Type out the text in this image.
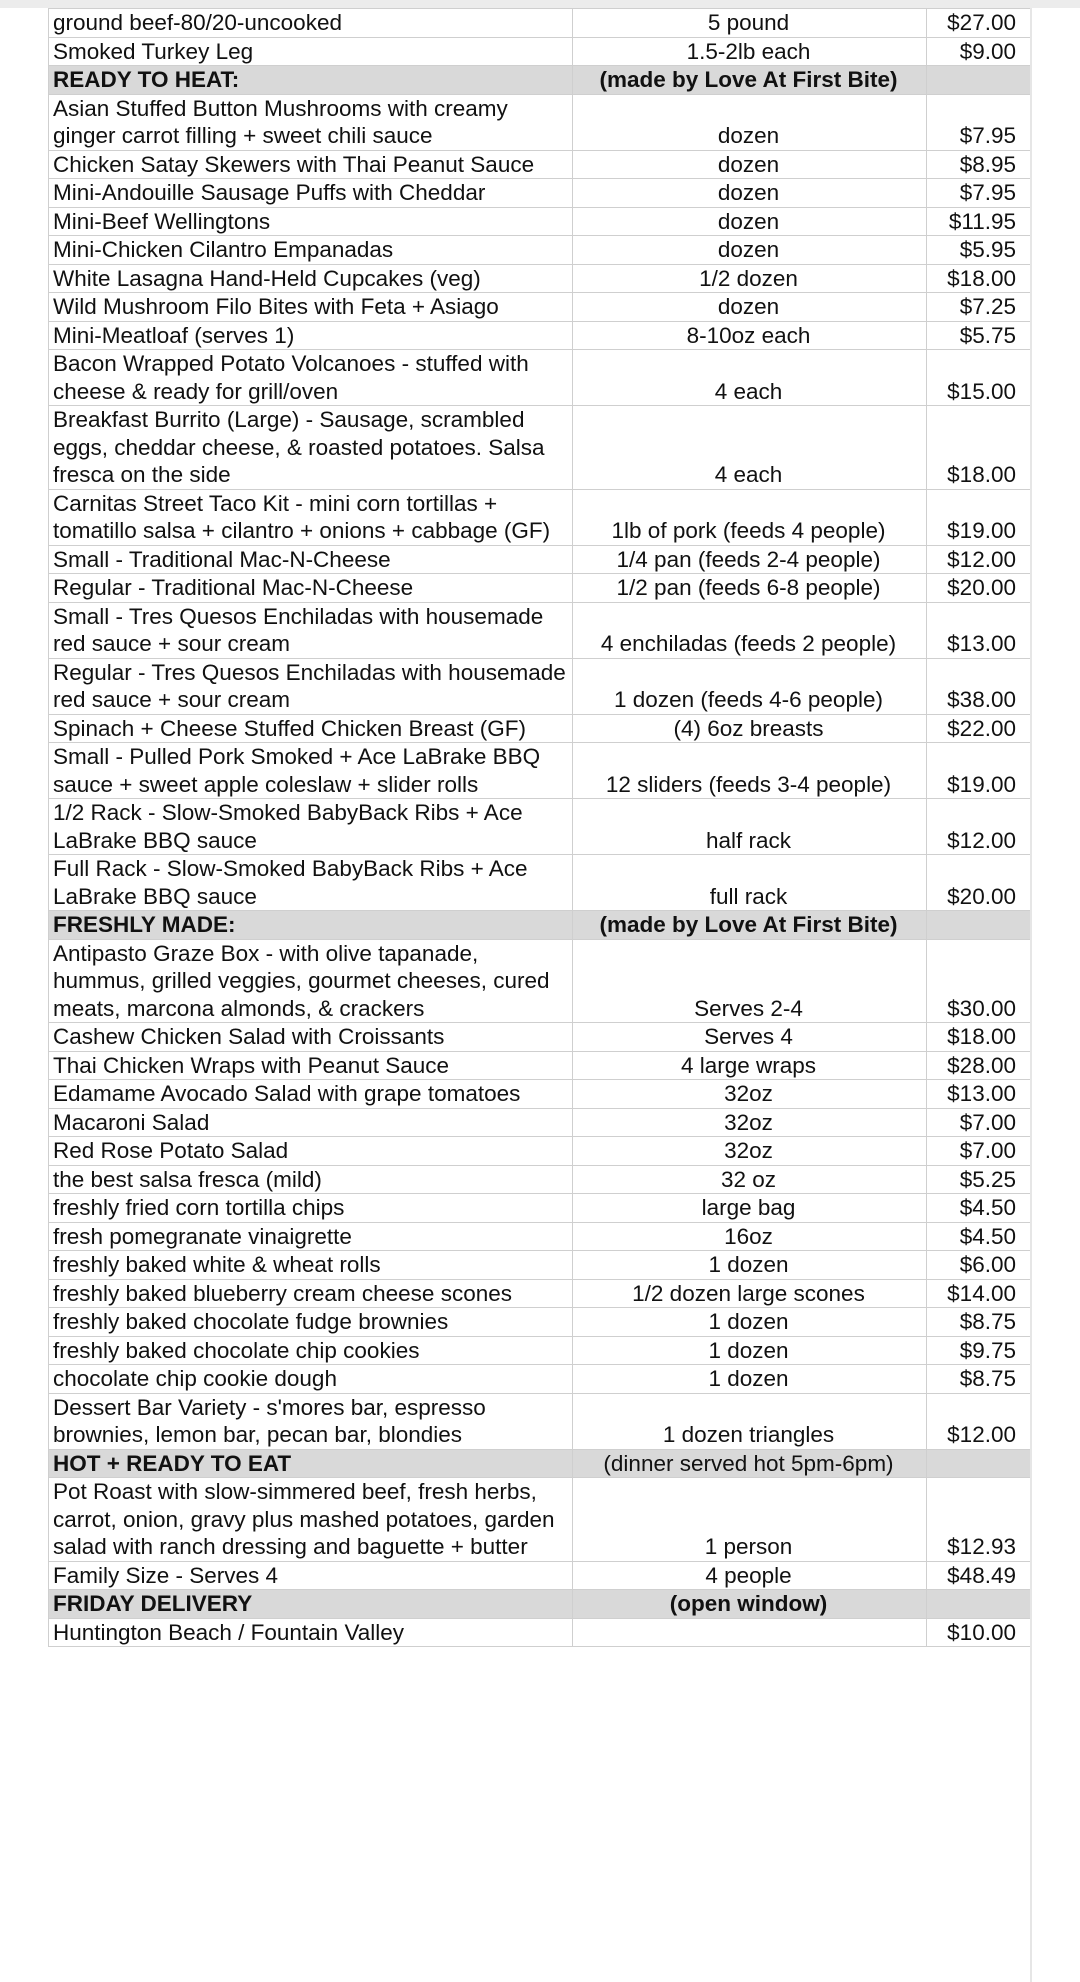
ground beef-80/20-uncooked	5 pound	$27.00
Smoked Turkey Leg	1.5-2lb each	$9.00
READY TO HEAT:	(made by Love At First Bite)	
Asian Stuffed Button Mushrooms with creamy ginger carrot filling + sweet chili sauce	dozen	$7.95
Chicken Satay Skewers with Thai Peanut Sauce	dozen	$8.95
Mini-Andouille Sausage Puffs with Cheddar	dozen	$7.95
Mini-Beef Wellingtons	dozen	$11.95
Mini-Chicken Cilantro Empanadas	dozen	$5.95
White Lasagna Hand-Held Cupcakes (veg)	1/2 dozen	$18.00
Wild Mushroom Filo Bites with Feta + Asiago	dozen	$7.25
Mini-Meatloaf (serves 1)	8-10oz each	$5.75
Bacon Wrapped Potato Volcanoes - stuffed with cheese & ready for grill/oven	4 each	$15.00
Breakfast Burrito (Large) - Sausage, scrambled eggs, cheddar cheese, & roasted potatoes. Salsa fresca on the side	4 each	$18.00
Carnitas Street Taco Kit - mini corn tortillas + tomatillo salsa + cilantro + onions + cabbage (GF)	1lb of pork (feeds 4 people)	$19.00
Small - Traditional Mac-N-Cheese	1/4 pan (feeds 2-4 people)	$12.00
Regular - Traditional Mac-N-Cheese	1/2 pan (feeds 6-8 people)	$20.00
Small - Tres Quesos Enchiladas with housemade red sauce + sour cream	4 enchiladas (feeds 2 people)	$13.00
Regular - Tres Quesos Enchiladas with housemade red sauce + sour cream	1 dozen (feeds 4-6 people)	$38.00
Spinach + Cheese Stuffed Chicken Breast (GF)	(4) 6oz breasts	$22.00
Small - Pulled Pork Smoked + Ace LaBrake BBQ sauce + sweet apple coleslaw + slider rolls	12 sliders (feeds 3-4 people)	$19.00
1/2 Rack - Slow-Smoked BabyBack Ribs + Ace LaBrake BBQ sauce	half rack	$12.00
Full Rack - Slow-Smoked BabyBack Ribs + Ace LaBrake BBQ sauce	full rack	$20.00
FRESHLY MADE:	(made by Love At First Bite)	
Antipasto Graze Box - with olive tapanade, hummus, grilled veggies, gourmet cheeses, cured meats, marcona almonds, & crackers	Serves 2-4	$30.00
Cashew Chicken Salad with Croissants	Serves 4	$18.00
Thai Chicken Wraps with Peanut Sauce	4 large wraps	$28.00
Edamame Avocado Salad with grape tomatoes	32oz	$13.00
Macaroni Salad	32oz	$7.00
Red Rose Potato Salad	32oz	$7.00
the best salsa fresca (mild)	32 oz	$5.25
freshly fried corn tortilla chips	large bag	$4.50
fresh pomegranate vinaigrette	16oz	$4.50
freshly baked white & wheat rolls	1 dozen	$6.00
freshly baked blueberry cream cheese scones	1/2 dozen large scones	$14.00
freshly baked chocolate fudge brownies	1 dozen	$8.75
freshly baked chocolate chip cookies	1 dozen	$9.75
chocolate chip cookie dough	1 dozen	$8.75
Dessert Bar Variety - s'mores bar, espresso brownies, lemon bar, pecan bar, blondies	1 dozen triangles	$12.00
HOT + READY TO EAT	(dinner served hot 5pm-6pm)	
Pot Roast with slow-simmered beef, fresh herbs, carrot, onion, gravy plus mashed potatoes, garden salad with ranch dressing and baguette + butter	1 person	$12.93
Family Size - Serves 4	4 people	$48.49
FRIDAY DELIVERY	(open window)	
Huntington Beach / Fountain Valley		$10.00
